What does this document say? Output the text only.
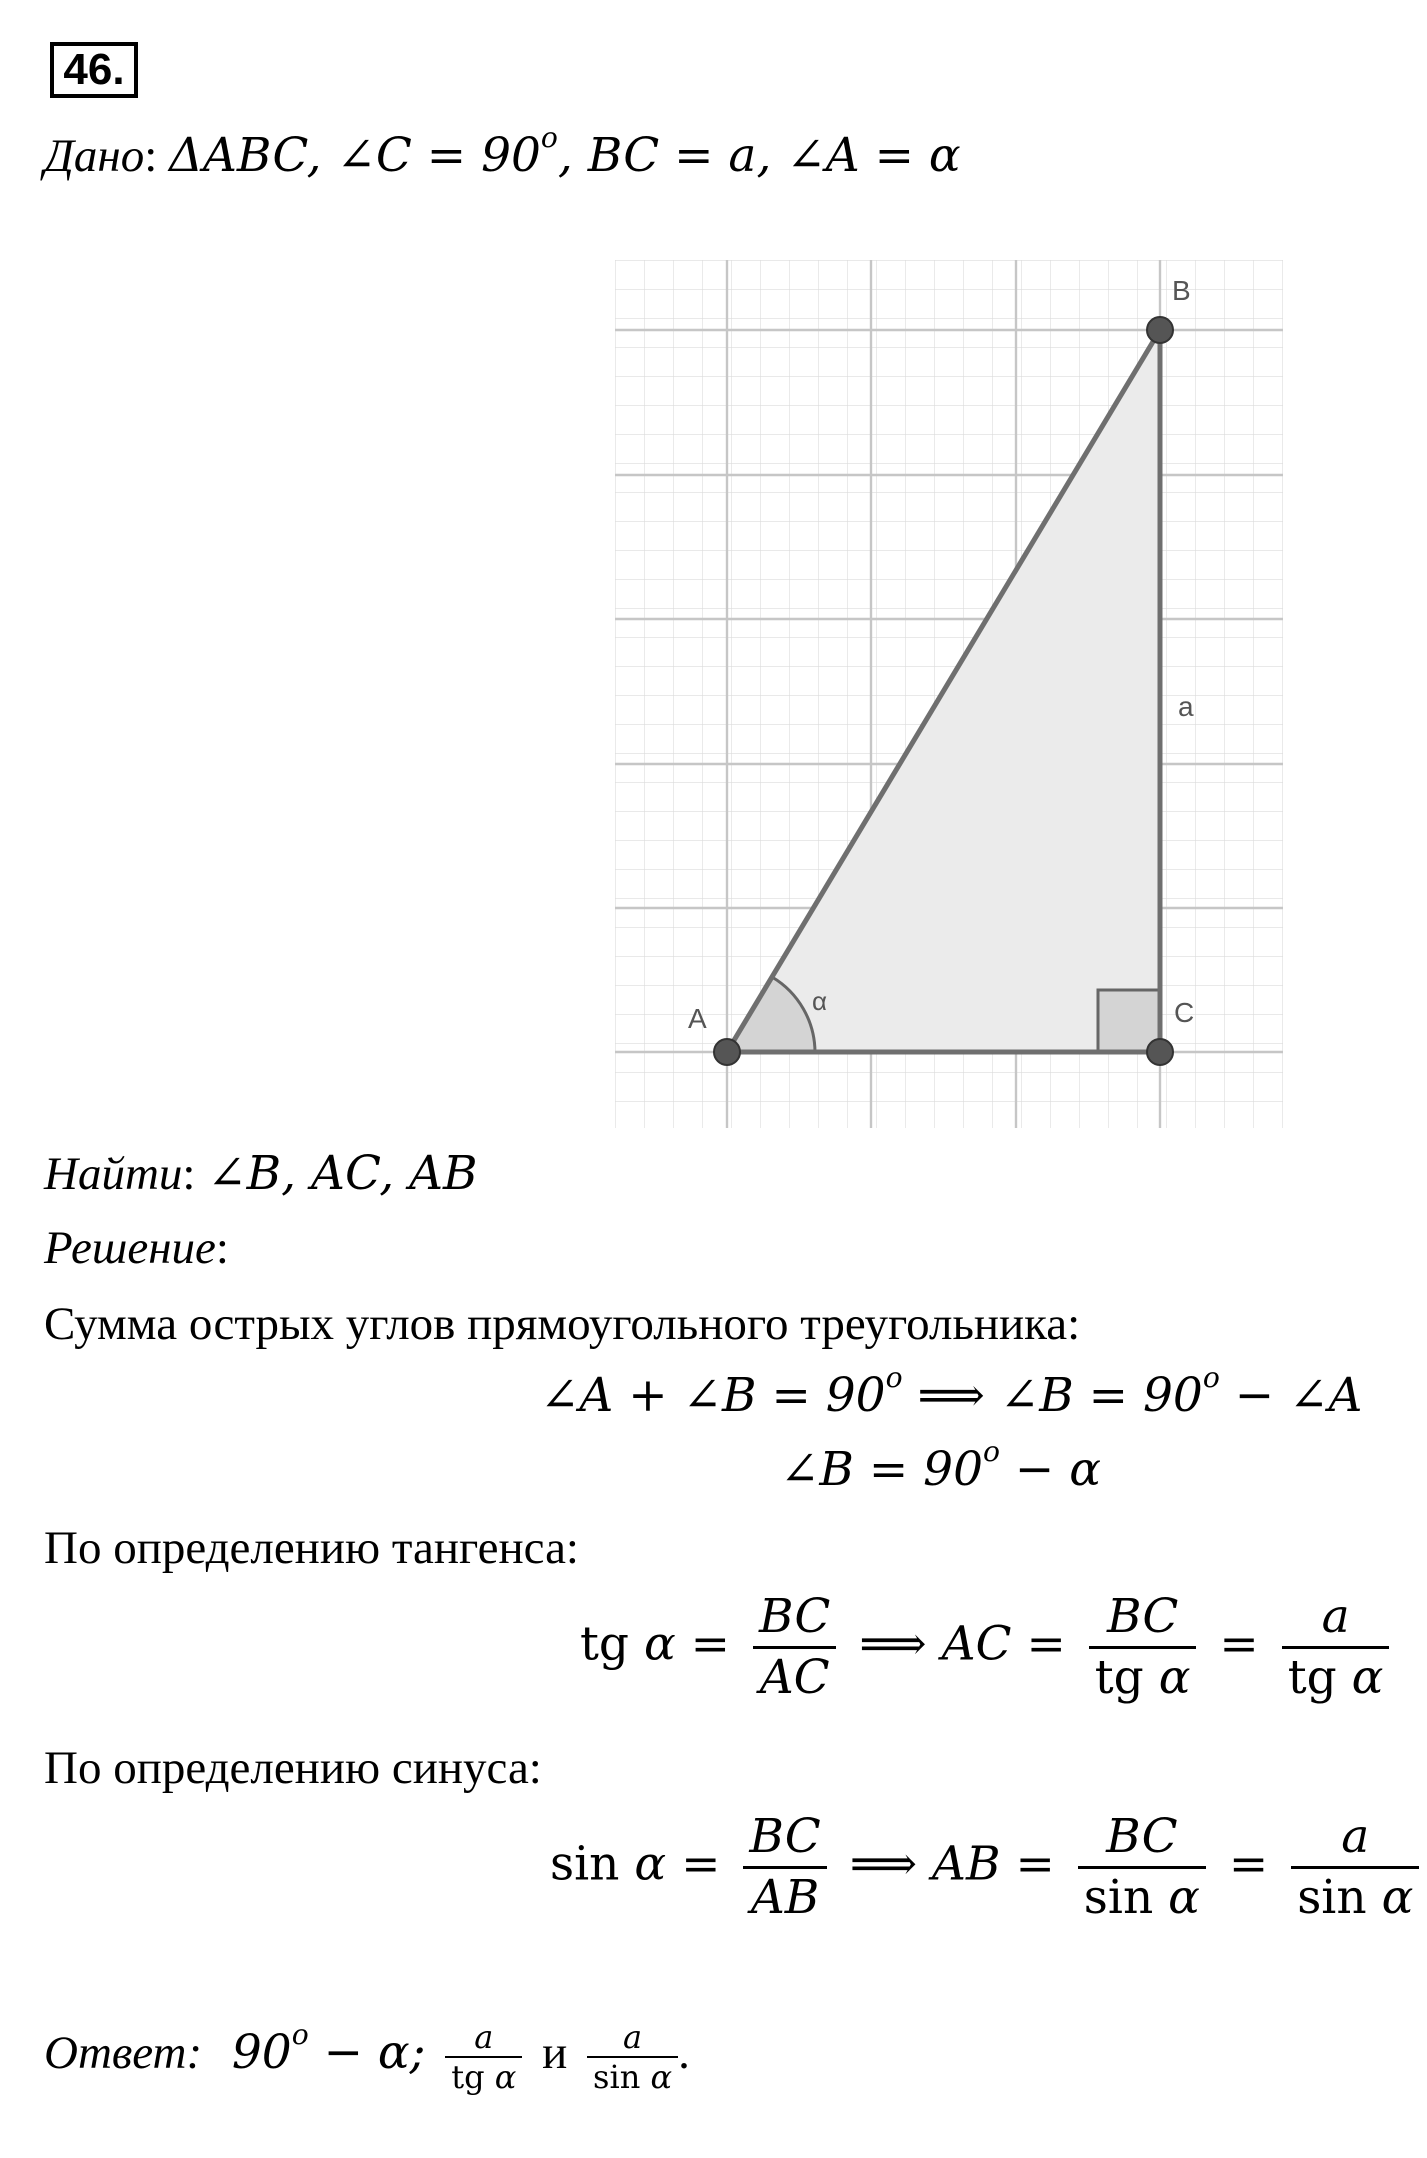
46.
Дано: ΔABC, ∠C = $90^o$, BC = a, ∠A = α
A
B
C
a
α
Найти: ∠B, AC, AB
Решение:
Сумма острых углов прямоугольного треугольника:
∠A + ∠B = $90^o$ ⟹ ∠B = $90^o$ − ∠A
∠B = $90^o - \alpha$
По определению тангенса:
tg $\alpha = \frac{BC}{AC}$ ⟹ AC = $\frac{BC}{\text{tg α}} = \frac{a}{\text{tg α}}$
По определению синуса:
$\sin \alpha = \frac{BC}{AB}$ ⟹ AB = $\frac{BC}{\text{sin α}} = \frac{a}{\text{sin α}}$
Ответ: $90^o - \alpha$; $\frac{a}{\text{tg α}}$ и $\frac{a}{\text{sin α}}$ .
